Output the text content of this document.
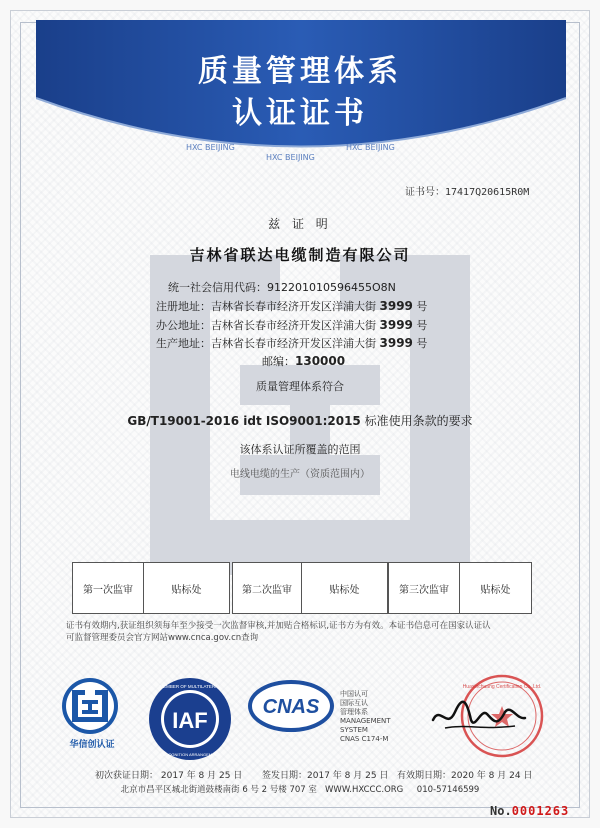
HXC BEIJING
HXC BEIJING
HXC BEIJING
质量管理体系
认证证书
证书号：17417Q20615R0M
兹 证 明
吉林省联达电缆制造有限公司
统一社会信用代码：912201010596455O8N
注册地址：吉林省长春市经济开发区洋浦大街 3999 号
办公地址：吉林省长春市经济开发区洋浦大街 3999 号
生产地址：吉林省长春市经济开发区洋浦大街 3999 号
邮编：130000
质量管理体系符合
GB/T19001-2016 idt ISO9001:2015 标准使用条款的要求
该体系认证所覆盖的范围
电线电缆的生产（资质范围内）
第一次监审	贴标处	第二次监审	贴标处	第三次监审	贴标处
证书有效期内,获证组织须每年至少接受一次监督审核,并加贴合格标识,证书方为有效。本证书信息可在国家认证认
可监督管理委员会官方网站www.cnca.gov.cn查询
华信创认证
IAF
MEMBER OF MULTILATERAL
RECOGNITION ARRANGEMENT
CNAS
中国认可
国际互认
管理体系
MANAGEMENT SYSTEM
CNAS C174-M
Huaxinchuang Certification Co.,Ltd.
初次获证日期： 2017 年 8 月 25 日 签发日期：2017 年 8 月 25 日 有效期日期：2020 年 8 月 24 日
北京市昌平区城北街道鼓楼南街 6 号 2 号楼 707 室 WWW.HXCCC.ORG 010-57146599
No.0001263
